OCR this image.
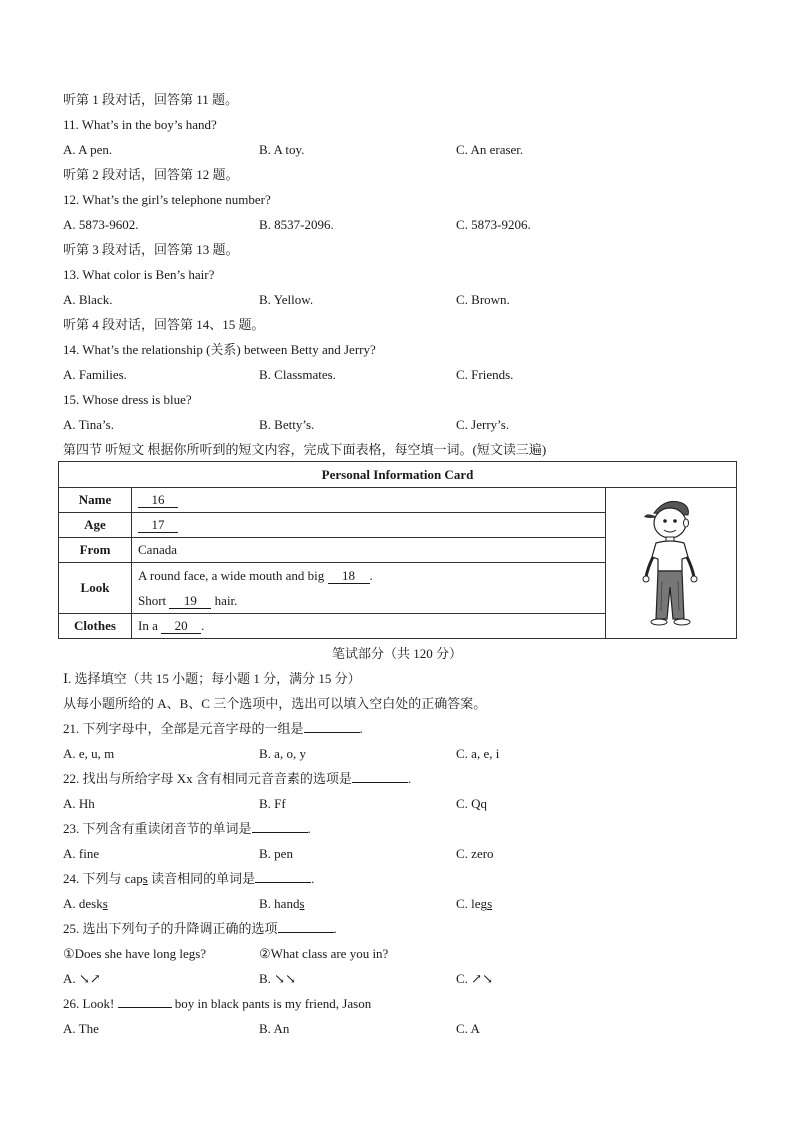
听第 1 段对话，回答第 11 题。
11. What’s in the boy’s hand?
A. A pen.	B. A toy.	C. An eraser.
听第 2 段对话，回答第 12 题。
12. What’s the girl’s telephone number?
A. 5873-9602.	B. 8537-2096.	C. 5873-9206.
听第 3 段对话，回答第 13 题。
13. What color is Ben’s hair?
A. Black.	B. Yellow.	C. Brown.
听第 4 段对话，回答第 14、15 题。
14. What’s the relationship (关系) between Betty and Jerry?
A. Families.	B. Classmates.	C. Friends.
15. Whose dress is blue?
A. Tina’s.	B. Betty’s.	C. Jerry’s.
第四节 听短文 根据你所听到的短文内容，完成下面表格，每空填一词。(短文读三遍)
Personal Information Card		
Name	16	
Age	17	
From	Canada	
Look	A round face, a wide mouth and big 18 .
Short 19 hair.	

Clothes	In a 20 .	
笔试部分（共 120 分）
Ⅰ. 选择填空（共 15 小题；每小题 1 分，满分 15 分）
从每小题所给的 A、B、C 三个选项中，选出可以填入空白处的正确答案。
21. 下列字母中，全部是元音字母的一组是	.
A. e, u, m	B. a, o, y	C. a, e, i
22. 找出与所给字母 Xx 含有相同元音音素的选项是	.
A. Hh	B. Ff	C. Qq
23. 下列含有重读闭音节的单词是	.
A. fine	B. pen	C. zero
24. 下列与 caps 读音相同的单词是	.
A. desks	B. hands	C. legs
25. 选出下列句子的升降调正确的选项	.
①Does she have long legs?	②What class are you in?
A. ↘↗	B. ↘↘	C. ↗↘
26. Look!	boy in black pants is my friend, Jason
A. The	B. An	C. A
